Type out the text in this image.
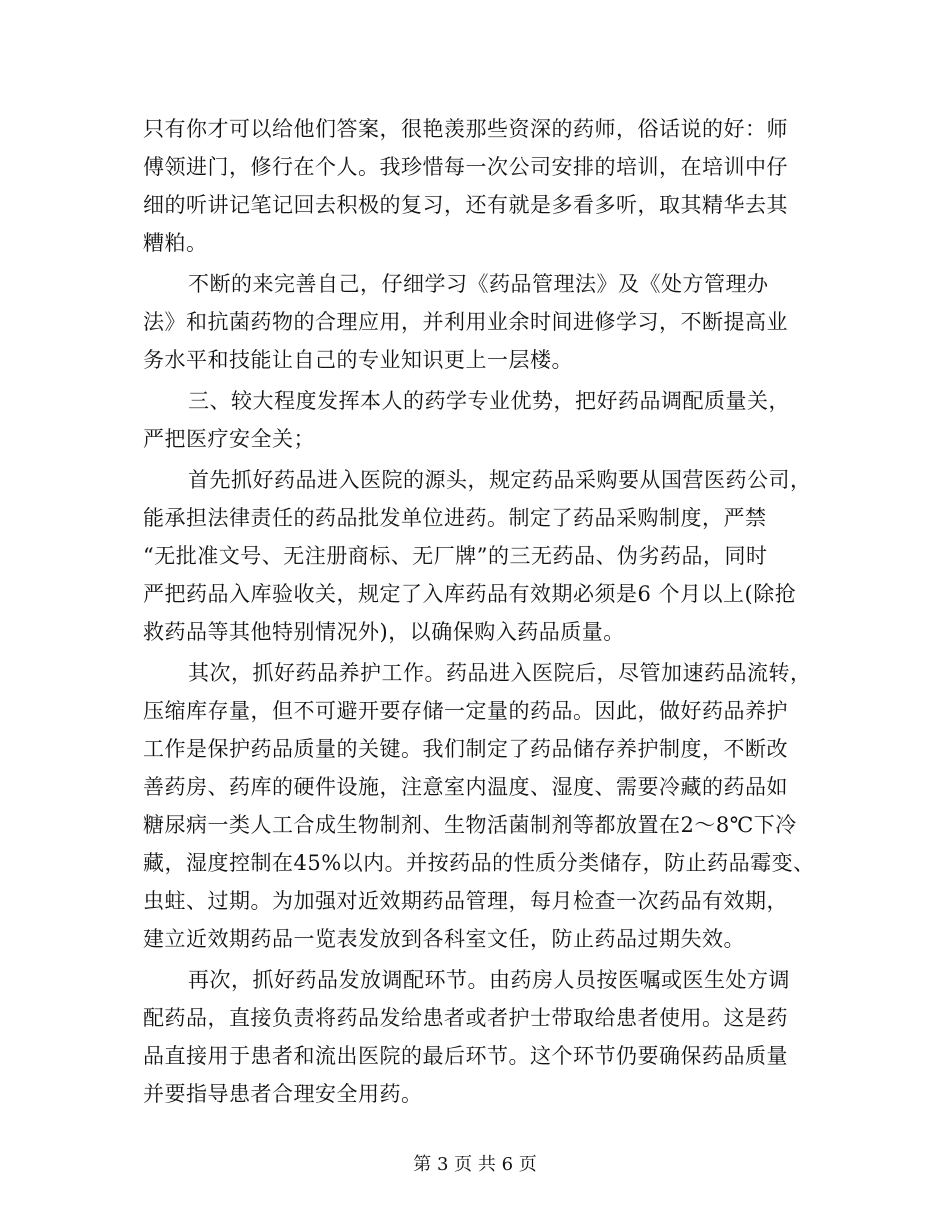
只有你才可以给他们答案，很艳羡那些资深的药师，俗话说的好：师
傅领进门，修行在个人。我珍惜每一次公司安排的培训，在培训中仔
细的听讲记笔记回去积极的复习，还有就是多看多听，取其精华去其
糟粕。
不断的来完善自己，仔细学习《药品管理法》及《处方管理办
法》和抗菌药物的合理应用，并利用业余时间进修学习，不断提高业
务水平和技能让自己的专业知识更上一层楼。
三、较大程度发挥本人的药学专业优势，把好药品调配质量关，
严把医疗安全关；
首先抓好药品进入医院的源头，规定药品采购要从国营医药公司，
能承担法律责任的药品批发单位进药。制定了药品采购制度，严禁
“无批准文号、无注册商标、无厂牌”的三无药品、伪劣药品，同时
严把药品入库验收关，规定了入库药品有效期必须是6 个月以上(除抢
救药品等其他特别情况外)，以确保购入药品质量。
其次，抓好药品养护工作。药品进入医院后，尽管加速药品流转，
压缩库存量，但不可避开要存储一定量的药品。因此，做好药品养护
工作是保护药品质量的关键。我们制定了药品储存养护制度，不断改
善药房、药库的硬件设施，注意室内温度、湿度、需要冷藏的药品如
糖尿病一类人工合成生物制剂、生物活菌制剂等都放置在2～8℃下冷
藏，湿度控制在45%以内。并按药品的性质分类储存，防止药品霉变、
虫蛀、过期。为加强对近效期药品管理，每月检查一次药品有效期，
建立近效期药品一览表发放到各科室文任，防止药品过期失效。
再次，抓好药品发放调配环节。由药房人员按医嘱或医生处方调
配药品，直接负责将药品发给患者或者护士带取给患者使用。这是药
品直接用于患者和流出医院的最后环节。这个环节仍要确保药品质量
并要指导患者合理安全用药。
第 3 页 共 6 页
